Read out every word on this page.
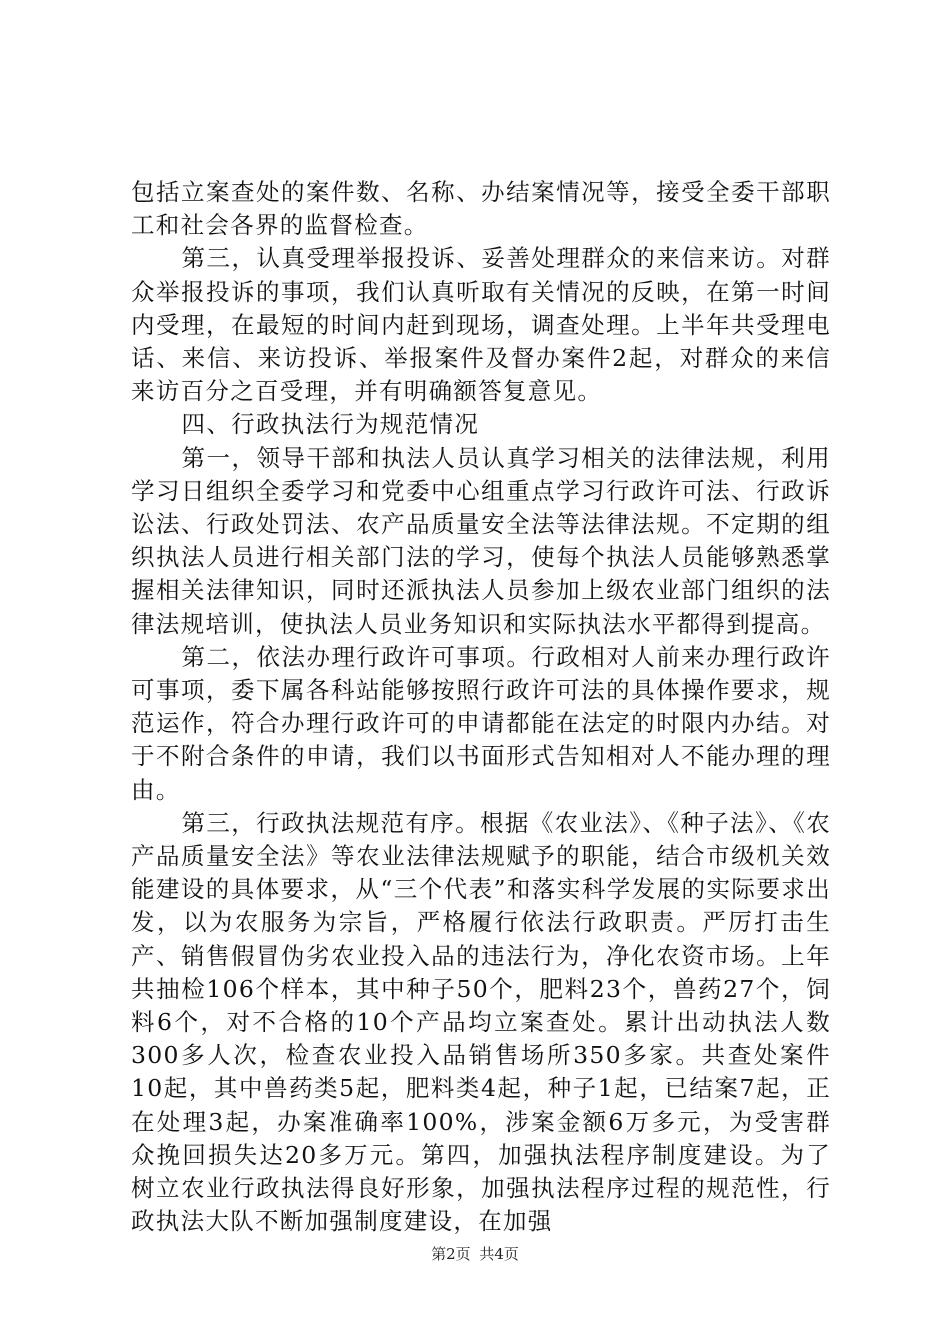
包括立案查处的案件数、名称、办结案情况等，接受全委干部职工和社会各界的监督检查。

第三，认真受理举报投诉、妥善处理群众的来信来访。对群众举报投诉的事项，我们认真听取有关情况的反映，在第一时间内受理，在最短的时间内赶到现场，调查处理。上半年共受理电话、来信、来访投诉、举报案件及督办案件2起，对群众的来信来访百分之百受理，并有明确额答复意见。

四、行政执法行为规范情况

第一，领导干部和执法人员认真学习相关的法律法规，利用学习日组织全委学习和党委中心组重点学习行政许可法、行政诉讼法、行政处罚法、农产品质量安全法等法律法规。不定期的组织执法人员进行相关部门法的学习，使每个执法人员能够熟悉掌握相关法律知识，同时还派执法人员参加上级农业部门组织的法律法规培训，使执法人员业务知识和实际执法水平都得到提高。

第二，依法办理行政许可事项。行政相对人前来办理行政许可事项，委下属各科站能够按照行政许可法的具体操作要求，规范运作，符合办理行政许可的申请都能在法定的时限内办结。对于不附合条件的申请，我们以书面形式告知相对人不能办理的理由。

第三，行政执法规范有序。根据《农业法》、《种子法》、《农产品质量安全法》等农业法律法规赋予的职能，结合市级机关效能建设的具体要求，从“三个代表”和落实科学发展的实际要求出发，以为农服务为宗旨，严格履行依法行政职责。严厉打击生产、销售假冒伪劣农业投入品的违法行为，净化农资市场。上年共抽检106个样本，其中种子50个，肥料23个，兽药27个，饲料6个，对不合格的10个产品均立案查处。累计出动执法人数300多人次，检查农业投入品销售场所350多家。共查处案件10起，其中兽药类5起，肥料类4起，种子1起，已结案7起，正在处理3起，办案准确率100%，涉案金额6万多元，为受害群众挽回损失达20多万元。第四，加强执法程序制度建设。为了树立农业行政执法得良好形象，加强执法程序过程的规范性，行政执法大队不断加强制度建设，在加强

第2页 共4页
